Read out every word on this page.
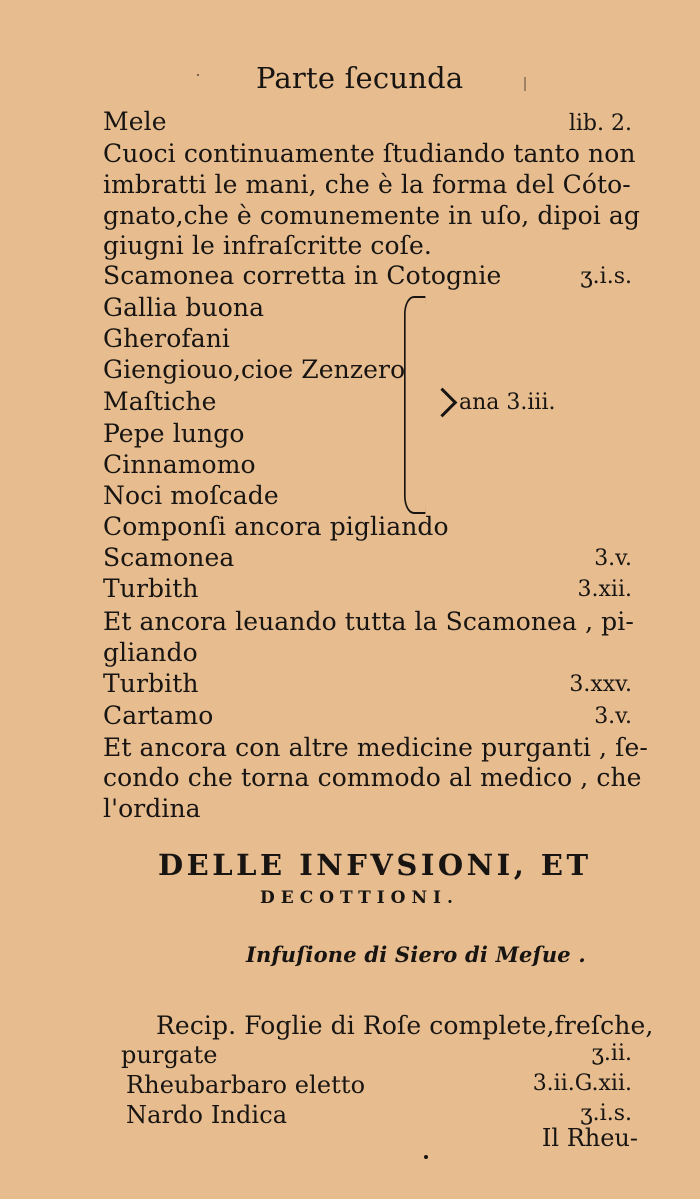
Parte ſecunda
Mele	lib. 2.
Cuoci continuamente ſtudiando tanto non
imbratti le mani, che è la forma del Cóto-
gnato,che è comunemente in uſo, dipoi ag
giugni le infraſcritte coſe.
Scamonea corretta in Cotognie	ʒ.i.s.
Gallia buona
Gherofani
Giengiouo,cioe Zenzero
Maſtiche
Pepe lungo
Cinnamomo
Noci moſcade
ana 3.iii.
Componſi ancora pigliando
Scamonea	3.v.
Turbith	3.xii.
Et ancora leuando tutta la Scamonea , pi-
gliando
Turbith	3.xxv.
Cartamo	3.v.
Et ancora con altre medicine purganti , ſe-
condo che torna commodo al medico , che
l'ordina
DELLE INFVSIONI, ET
DECOTTIONI.
Infuſione di Siero di Meſue .
Recip. Foglie di Roſe complete,freſche,
purgate	ʒ.ii.
Rheubarbaro eletto	3.ii.G.xii.
Nardo Indica	ʒ.i.s.
Il Rheu-
